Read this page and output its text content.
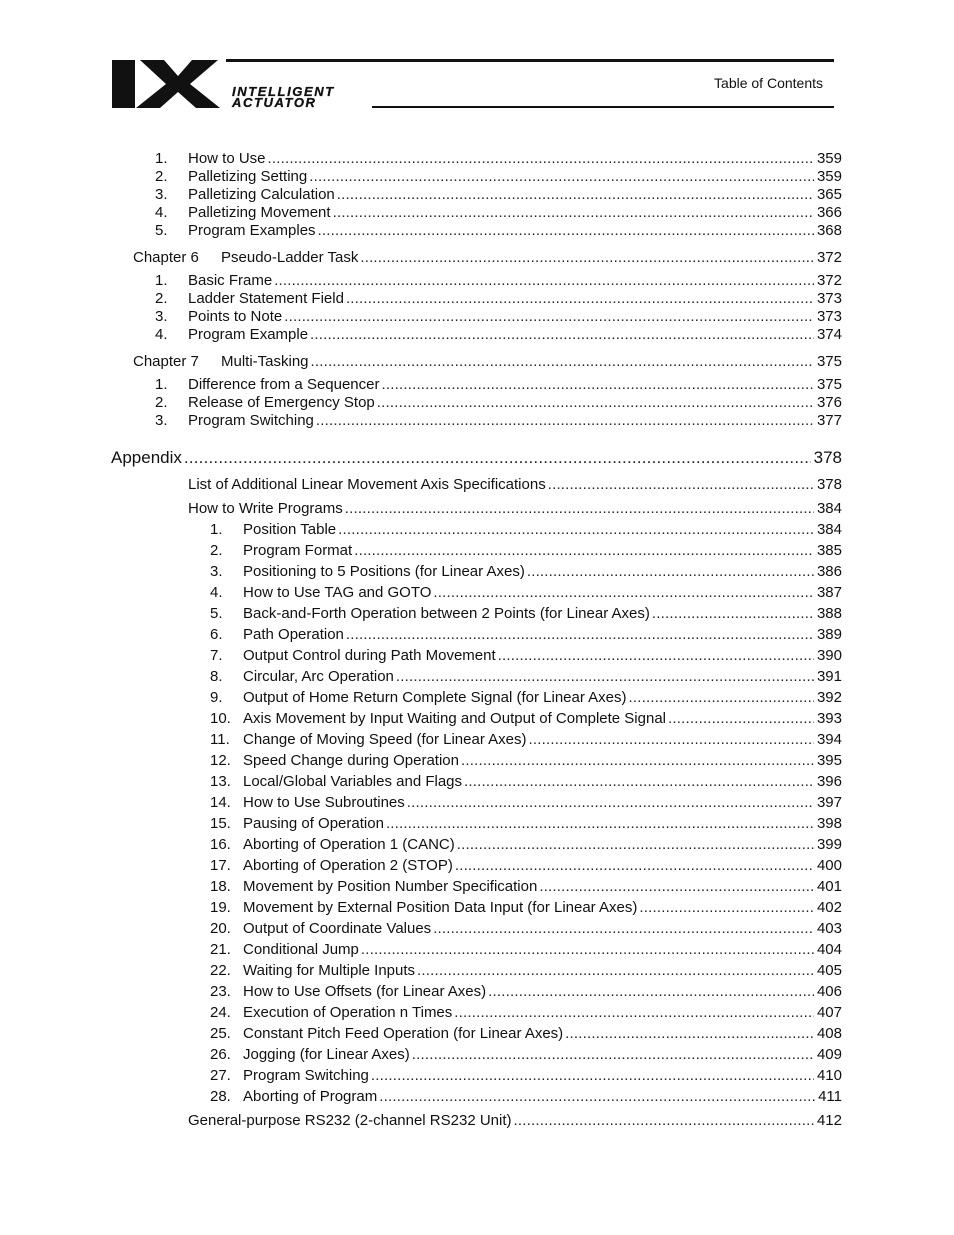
INTELLIGENT
ACTUATOR
Table of Contents
1.	How to Use .....	359
2.	Palletizing Setting .....	359
3.	Palletizing Calculation .....	365
4.	Palletizing Movement .....	366
5.	Program Examples .....	368
Chapter 6	Pseudo-Ladder Task .....	372
1.	Basic Frame .....	372
2.	Ladder Statement Field .....	373
3.	Points to Note .....	373
4.	Program Example .....	374
Chapter 7	Multi-Tasking .....	375
1.	Difference from a Sequencer .....	375
2.	Release of Emergency Stop .....	376
3.	Program Switching .....	377
Appendix .....	378
List of Additional Linear Movement Axis Specifications .....	378
How to Write Programs .....	384
1.	Position Table .....	384
2.	Program Format .....	385
3.	Positioning to 5 Positions (for Linear Axes) .....	386
4.	How to Use TAG and GOTO .....	387
5.	Back-and-Forth Operation between 2 Points (for Linear Axes) .....	388
6.	Path Operation .....	389
7.	Output Control during Path Movement .....	390
8.	Circular, Arc Operation .....	391
9.	Output of Home Return Complete Signal (for Linear Axes) .....	392
10. Axis Movement by Input Waiting and Output of Complete Signal .....	393
11. Change of Moving Speed (for Linear Axes) .....	394
12. Speed Change during Operation .....	395
13. Local/Global Variables and Flags .....	396
14. How to Use Subroutines .....	397
15. Pausing of Operation .....	398
16. Aborting of Operation 1 (CANC) .....	399
17. Aborting of Operation 2 (STOP) .....	400
18. Movement by Position Number Specification .....	401
19. Movement by External Position Data Input (for Linear Axes) .....	402
20. Output of Coordinate Values .....	403
21. Conditional Jump .....	404
22. Waiting for Multiple Inputs .....	405
23. How to Use Offsets (for Linear Axes) .....	406
24. Execution of Operation n Times .....	407
25. Constant Pitch Feed Operation (for Linear Axes) .....	408
26. Jogging (for Linear Axes) .....	409
27. Program Switching .....	410
28. Aborting of Program .....	411
General-purpose RS232 (2-channel RS232 Unit) .....	412
